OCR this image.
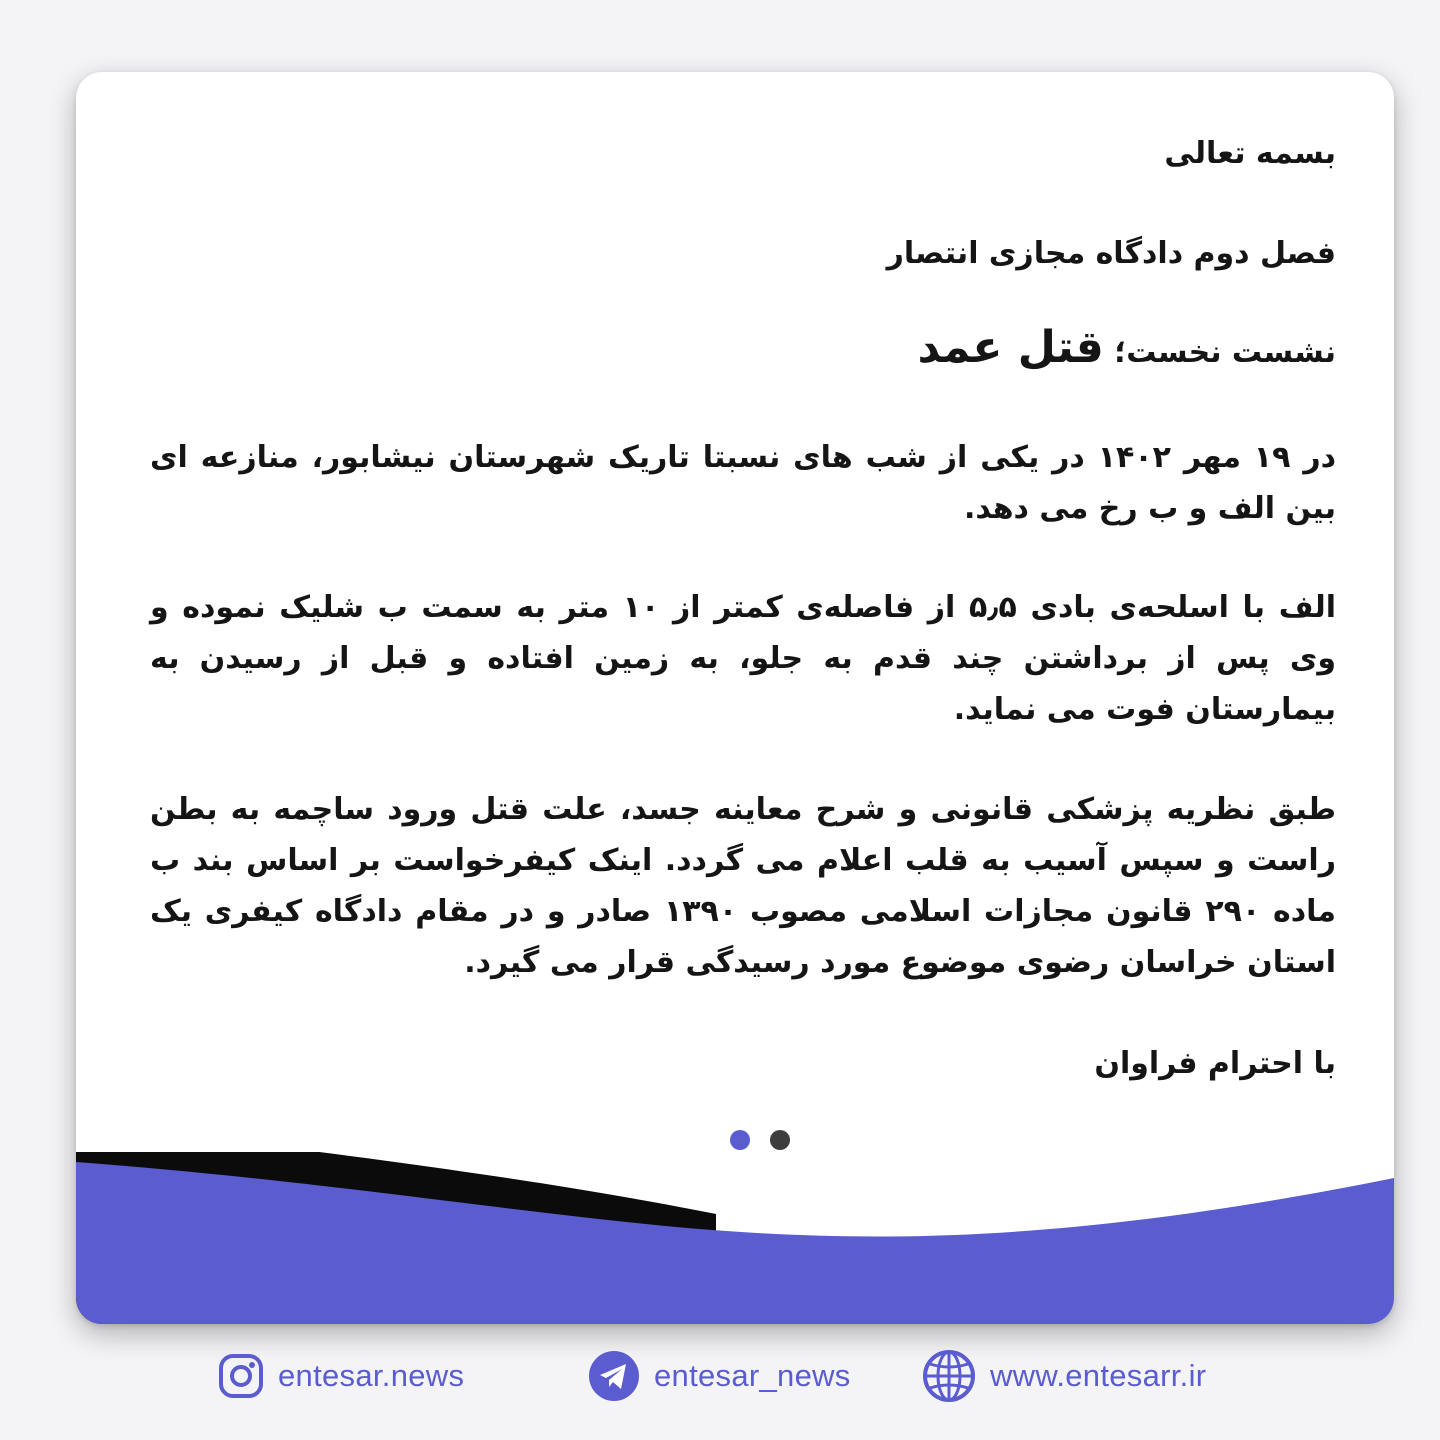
بسمه تعالی

فصل دوم دادگاه مجازی انتصار

نشست نخست؛ قتل عمد

در ۱۹ مهر ۱۴۰۲ در یکی از شب های نسبتا تاریک شهرستان نیشابور، منازعه ای بین الف و ب رخ می دهد.

الف با اسلحه‌ی بادی ۵٫۵ از فاصله‌ی کمتر از ۱۰ متر به سمت ب شلیک نموده و وی پس از برداشتن چند قدم به جلو، به زمین افتاده و قبل از رسیدن به بیمارستان فوت می نماید.

طبق نظریه پزشکی قانونی و شرح معاینه جسد، علت قتل ورود ساچمه به بطن راست و سپس آسیب به قلب اعلام می گردد. اینک کیفرخواست بر اساس بند ب ماده ۲۹۰ قانون مجازات اسلامی مصوب ۱۳۹۰ صادر و در مقام دادگاه کیفری یک استان خراسان رضوی موضوع مورد رسیدگی قرار می گیرد.

با احترام فراوان

entesar.news	entesar_news	www.entesarr.ir
